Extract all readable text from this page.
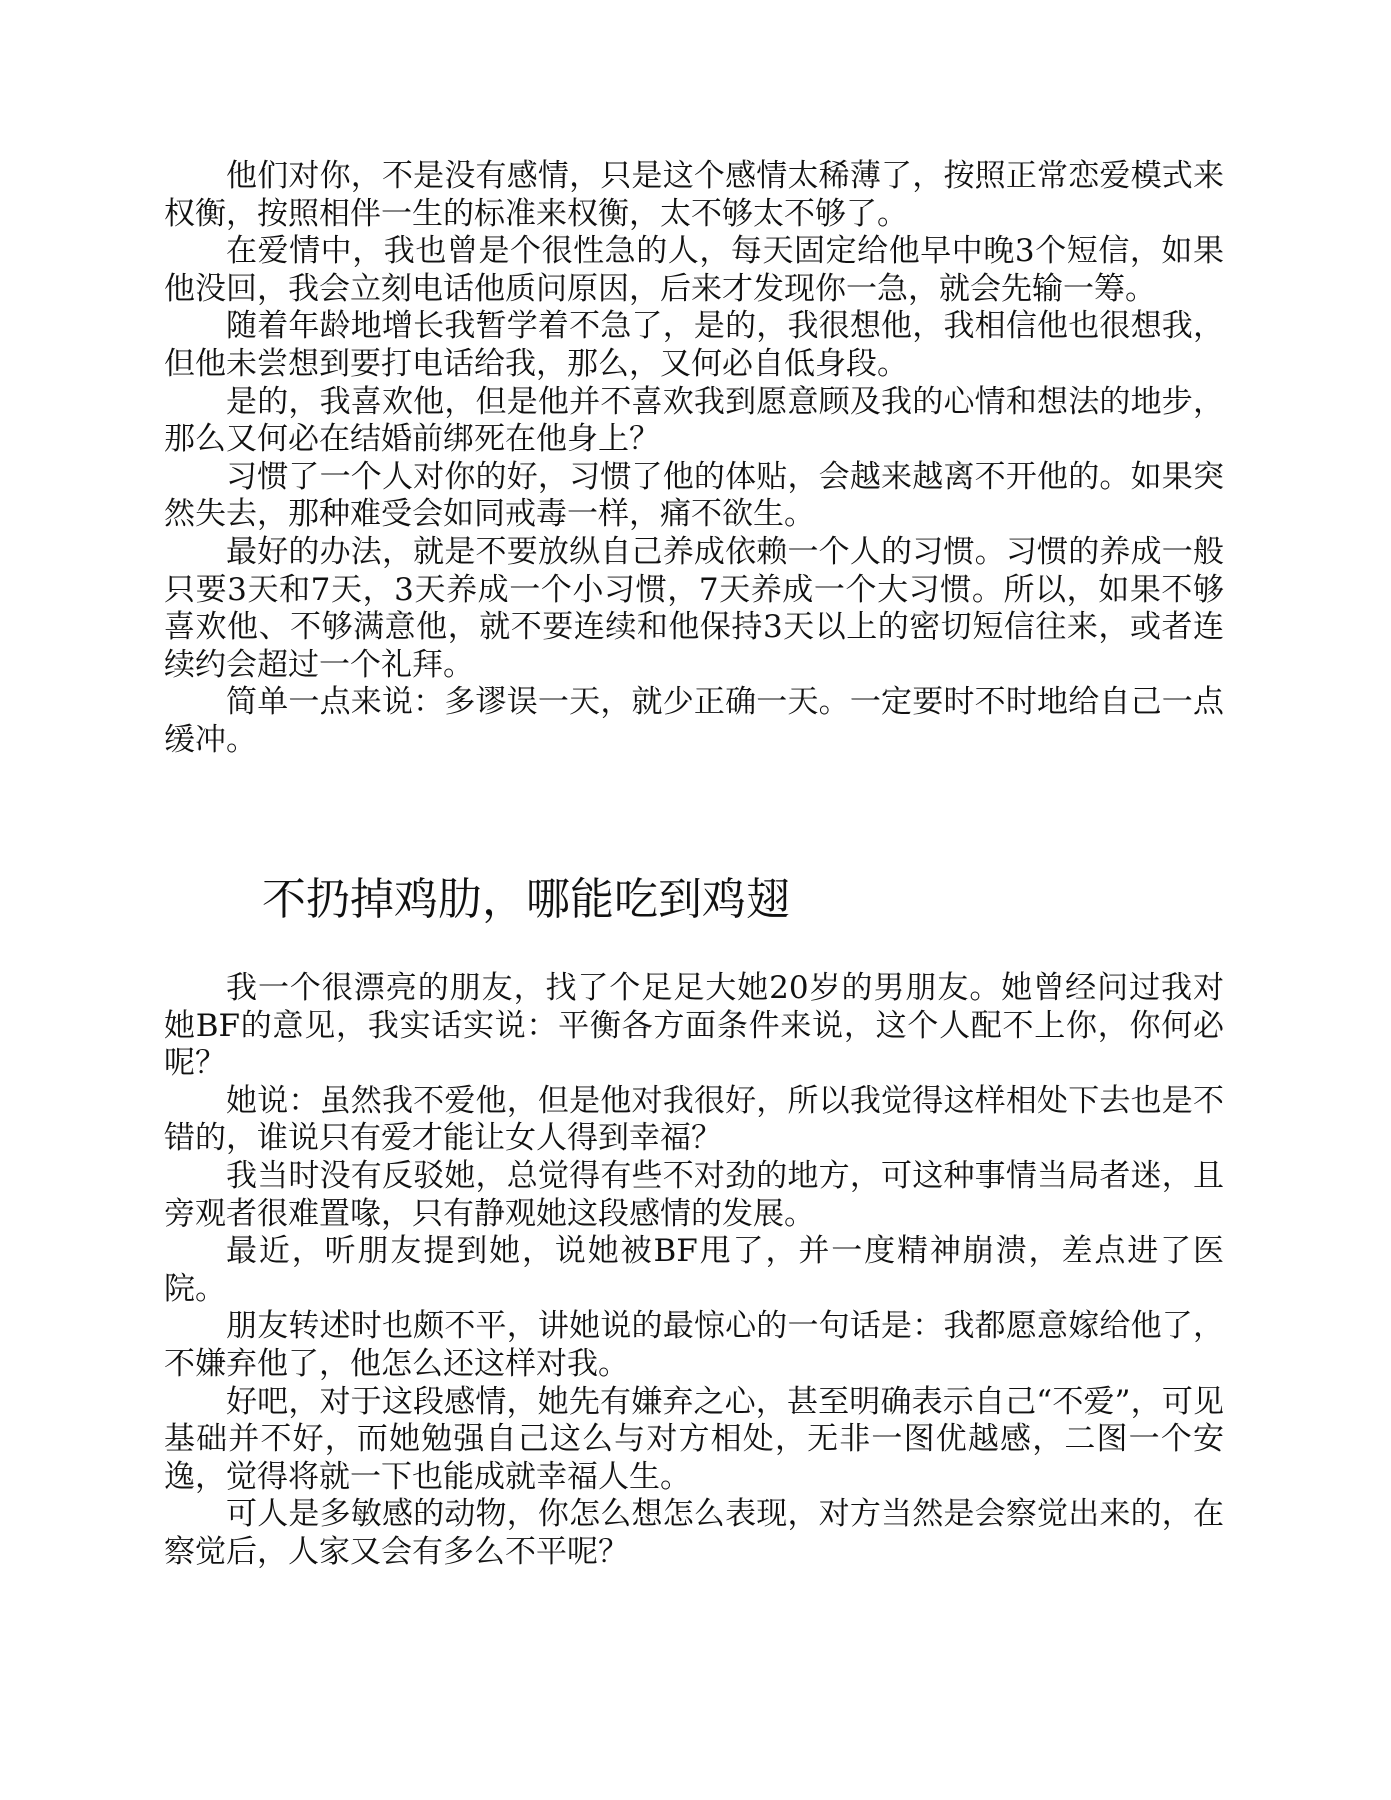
他们对你，不是没有感情，只是这个感情太稀薄了，按照正常恋爱模式来权衡，按照相伴一生的标准来权衡，太不够太不够了。

在爱情中，我也曾是个很性急的人，每天固定给他早中晚3个短信，如果他没回，我会立刻电话他质问原因，后来才发现你一急，就会先输一筹。

随着年龄地增长我暂学着不急了，是的，我很想他，我相信他也很想我，但他未尝想到要打电话给我，那么，又何必自低身段。

是的，我喜欢他，但是他并不喜欢我到愿意顾及我的心情和想法的地步，那么又何必在结婚前绑死在他身上？

习惯了一个人对你的好，习惯了他的体贴，会越来越离不开他的。如果突然失去，那种难受会如同戒毒一样，痛不欲生。

最好的办法，就是不要放纵自己养成依赖一个人的习惯。习惯的养成一般只要3天和7天，3天养成一个小习惯，7天养成一个大习惯。所以，如果不够喜欢他、不够满意他，就不要连续和他保持3天以上的密切短信往来，或者连续约会超过一个礼拜。

简单一点来说：多谬误一天，就少正确一天。一定要时不时地给自己一点缓冲。

不扔掉鸡肋，哪能吃到鸡翅

我一个很漂亮的朋友，找了个足足大她20岁的男朋友。她曾经问过我对她BF的意见，我实话实说：平衡各方面条件来说，这个人配不上你，你何必呢？

她说：虽然我不爱他，但是他对我很好，所以我觉得这样相处下去也是不错的，谁说只有爱才能让女人得到幸福？

我当时没有反驳她，总觉得有些不对劲的地方，可这种事情当局者迷，且旁观者很难置喙，只有静观她这段感情的发展。

最近，听朋友提到她，说她被BF甩了，并一度精神崩溃，差点进了医院。

朋友转述时也颇不平，讲她说的最惊心的一句话是：我都愿意嫁给他了，不嫌弃他了，他怎么还这样对我。

好吧，对于这段感情，她先有嫌弃之心，甚至明确表示自己“不爱”，可见基础并不好，而她勉强自己这么与对方相处，无非一图优越感，二图一个安逸，觉得将就一下也能成就幸福人生。

可人是多敏感的动物，你怎么想怎么表现，对方当然是会察觉出来的，在察觉后，人家又会有多么不平呢？
